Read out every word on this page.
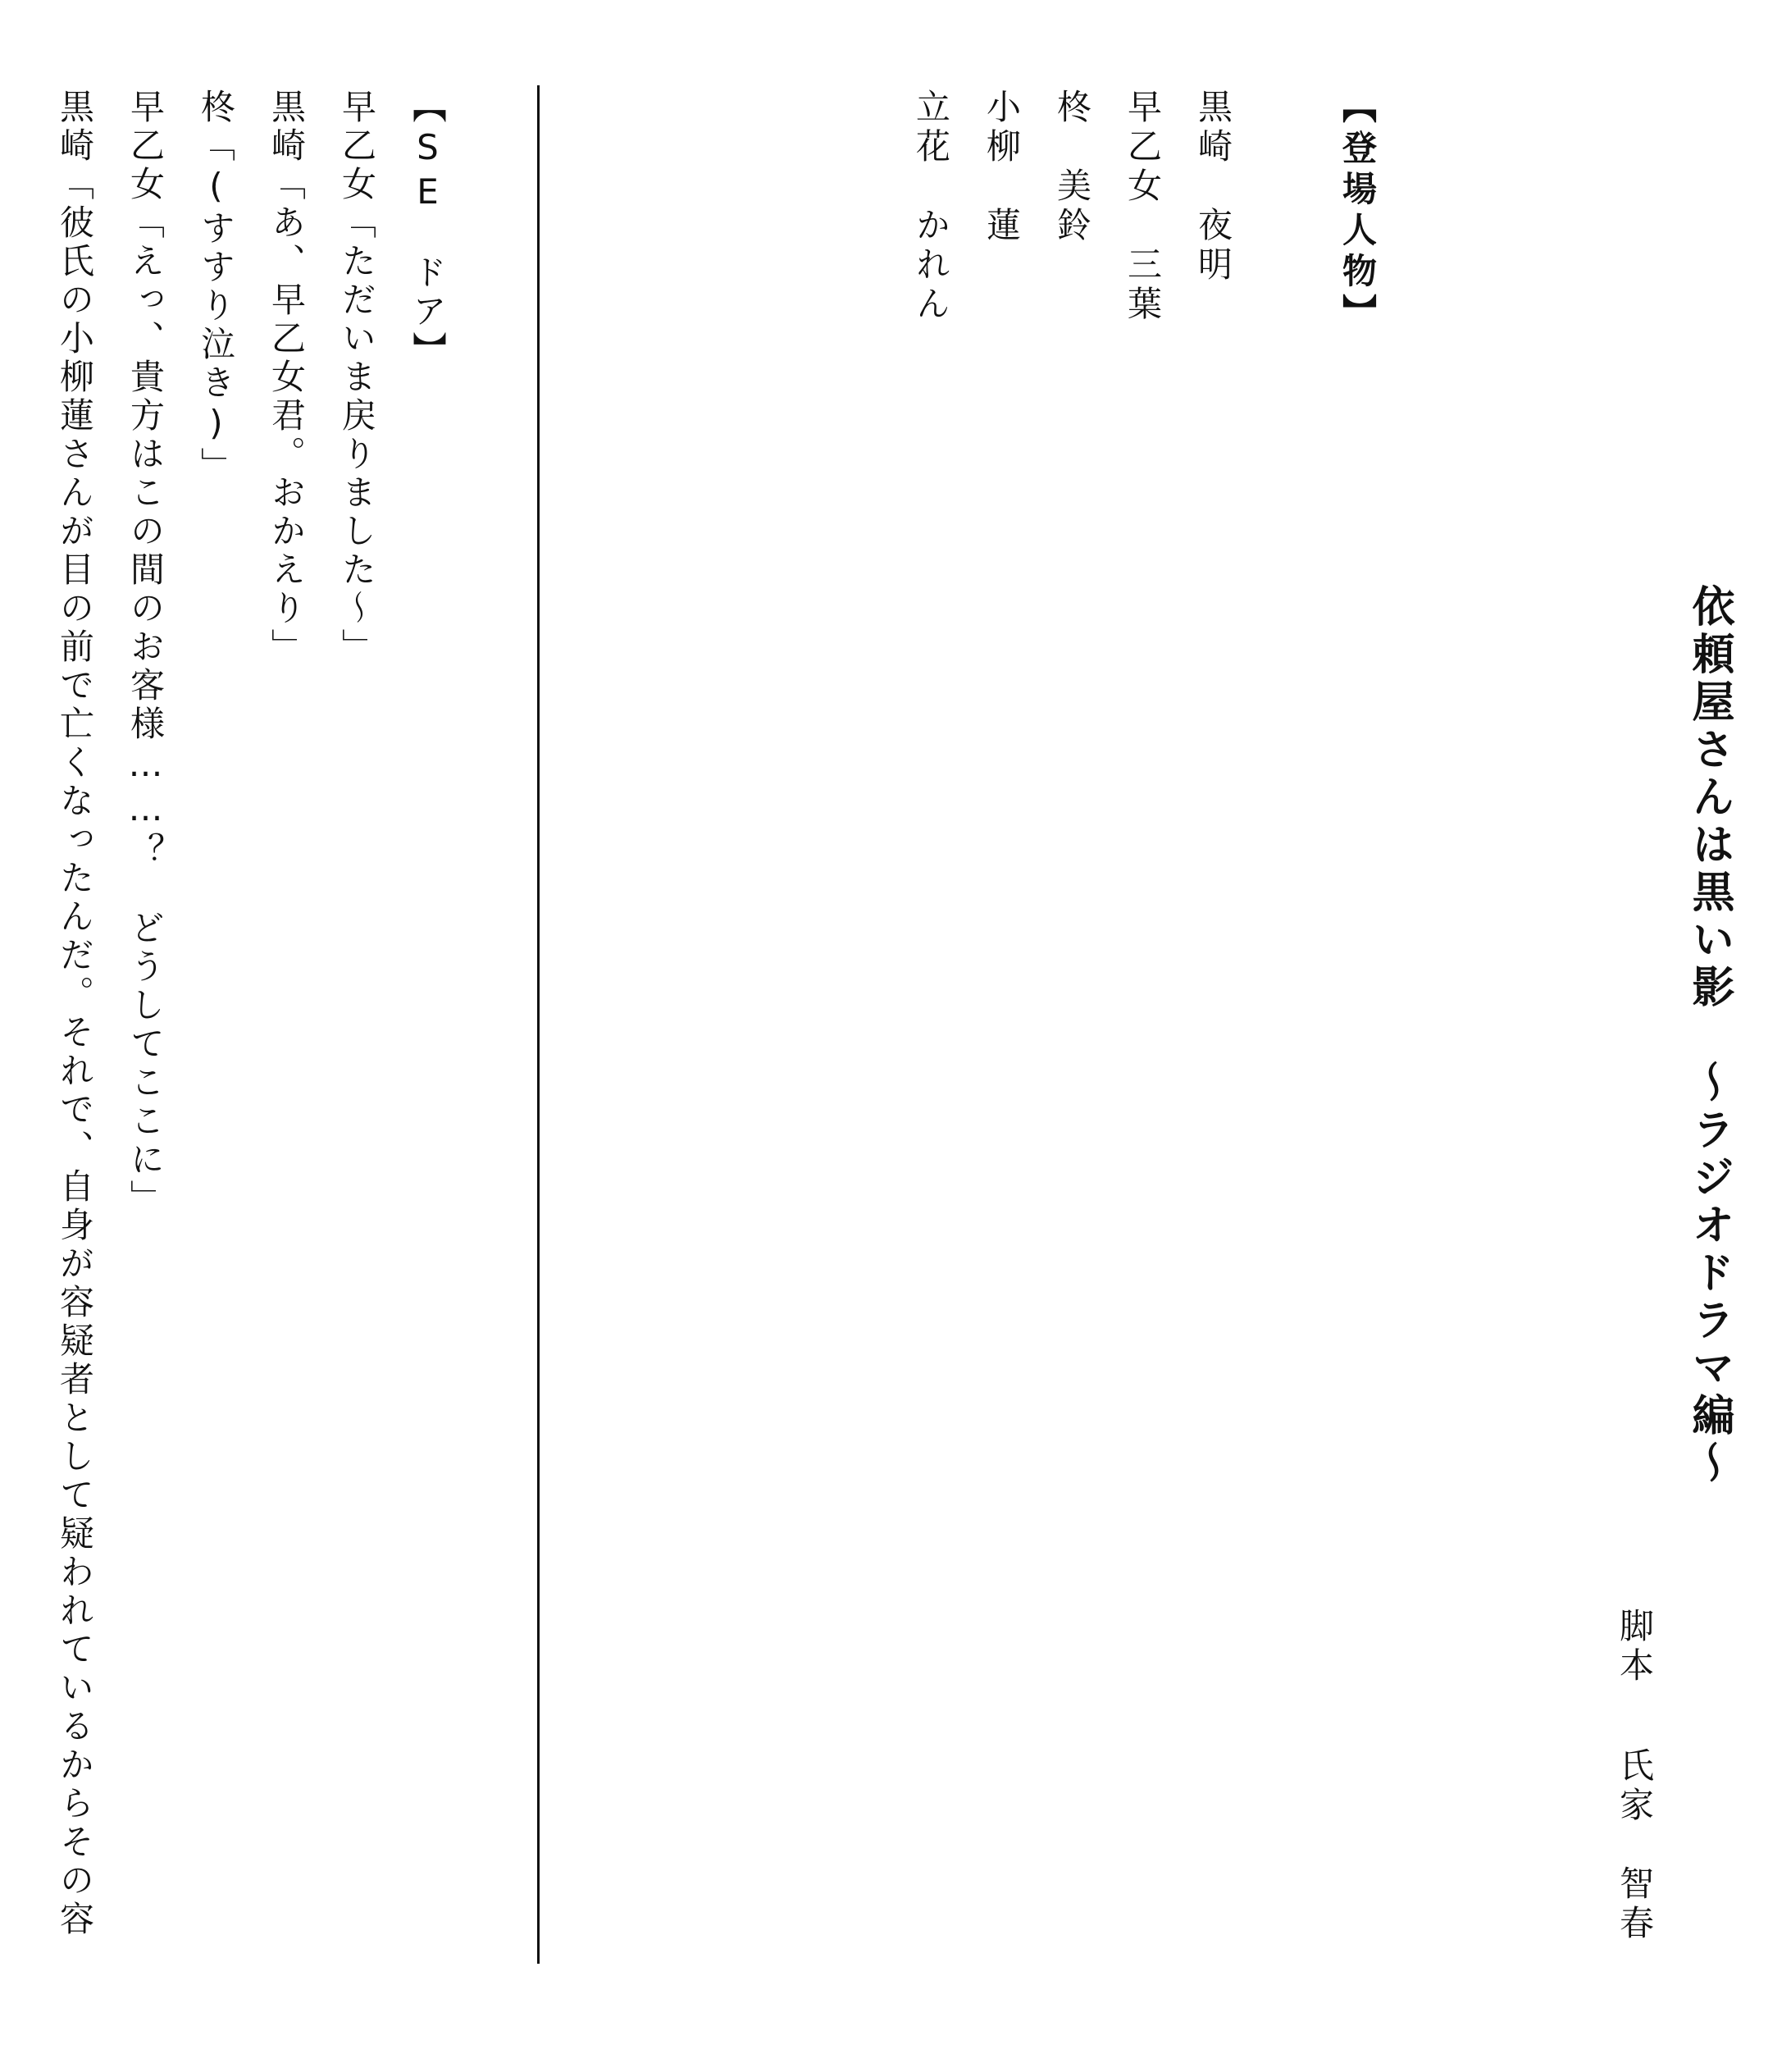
依頼屋さんは黒い影　～ラジオドラマ編～
脚本
氏家　智春
【登場人物】
黒崎　夜明
早乙女　三葉
柊　美鈴
小柳　蓮
立花　かれん
【SE　ドア】
早乙女「ただいま戻りました～」
黒崎「あ、早乙女君。おかえり」
柊「(すすり泣き)」
早乙女「えっ、貴方はこの間のお客様……？　どうしてここに」
黒崎「彼氏の小柳蓮さんが目の前で亡くなったんだ。それで、自身が容疑者として疑われているからその容
